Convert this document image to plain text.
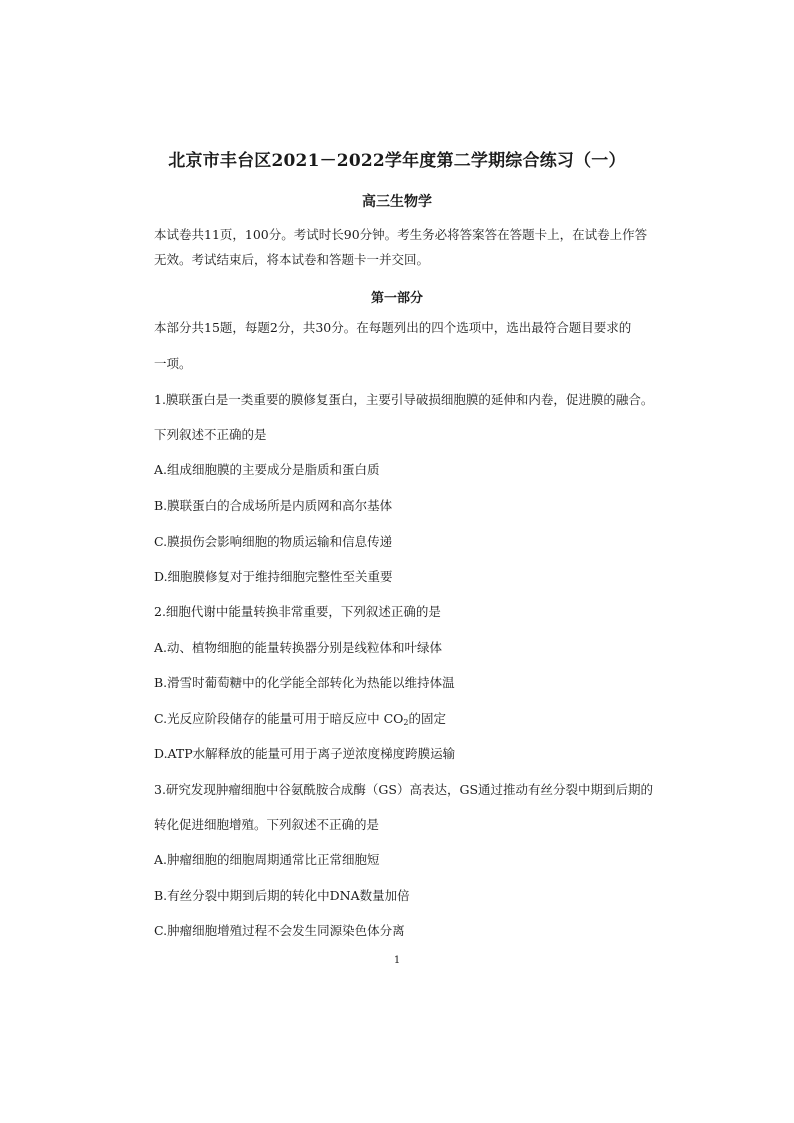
北京市丰台区2021－2022学年度第二学期综合练习（一）
高三生物学
本试卷共11页，100分。考试时长90分钟。考生务必将答案答在答题卡上，在试卷上作答
无效。考试结束后，将本试卷和答题卡一并交回。
第一部分
本部分共15题，每题2分，共30分。在每题列出的四个选项中，选出最符合题目要求的
一项。
1.膜联蛋白是一类重要的膜修复蛋白，主要引导破损细胞膜的延伸和内卷，促进膜的融合。
下列叙述不正确的是
A.组成细胞膜的主要成分是脂质和蛋白质
B.膜联蛋白的合成场所是内质网和高尔基体
C.膜损伤会影响细胞的物质运输和信息传递
D.细胞膜修复对于维持细胞完整性至关重要
2.细胞代谢中能量转换非常重要，下列叙述正确的是
A.动、植物细胞的能量转换器分别是线粒体和叶绿体
B.滑雪时葡萄糖中的化学能全部转化为热能以维持体温
C.光反应阶段储存的能量可用于暗反应中 $CO_2$的固定
D.ATP水解释放的能量可用于离子逆浓度梯度跨膜运输
3.研究发现肿瘤细胞中谷氨酰胺合成酶（GS）高表达，GS通过推动有丝分裂中期到后期的
转化促进细胞增殖。下列叙述不正确的是
A.肿瘤细胞的细胞周期通常比正常细胞短
B.有丝分裂中期到后期的转化中DNA数量加倍
C.肿瘤细胞增殖过程不会发生同源染色体分离
1
